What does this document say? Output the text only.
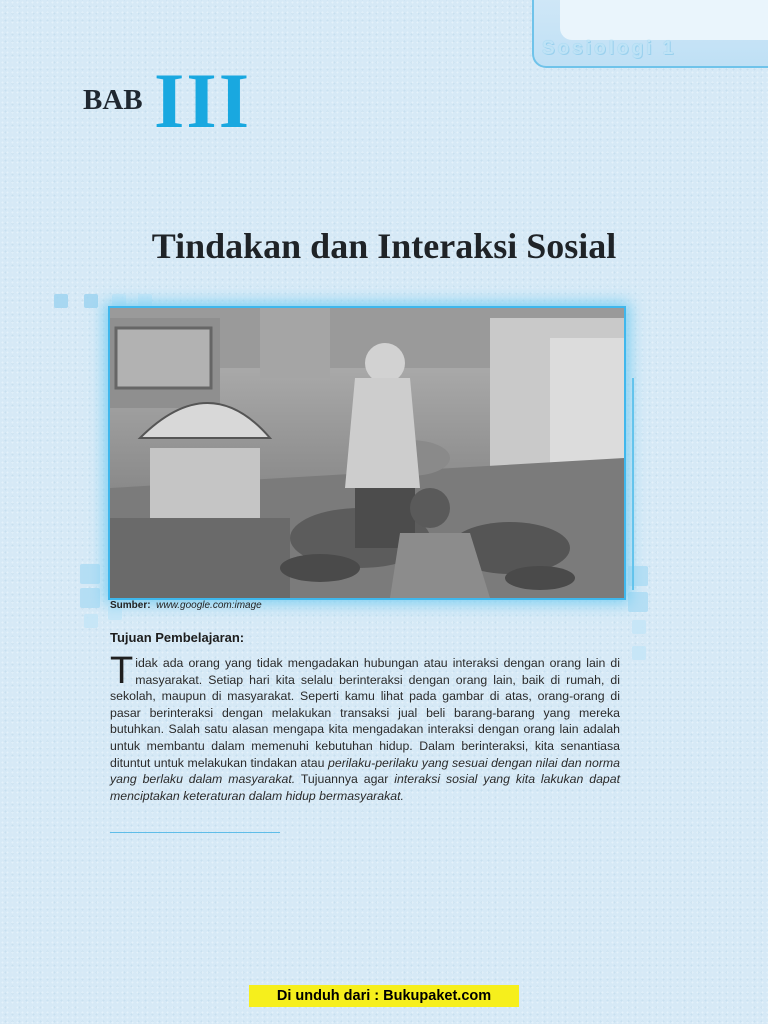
Sosiologi 1
BAB III
Tindakan dan Interaksi Sosial
Sumber: www.google.com:image
Tujuan Pembelajaran:
Tidak ada orang yang tidak mengadakan hubungan atau interaksi dengan orang lain di masyarakat. Setiap hari kita selalu berinteraksi dengan orang lain, baik di rumah, di sekolah, maupun di masyarakat. Seperti kamu lihat pada gambar di atas, orang-orang di pasar berinteraksi dengan melakukan transaksi jual beli barang-barang yang mereka butuhkan. Salah satu alasan mengapa kita mengadakan interaksi dengan orang lain adalah untuk membantu dalam memenuhi kebutuhan hidup. Dalam berinteraksi, kita senantiasa dituntut untuk melakukan tindakan atau perilaku-perilaku yang sesuai dengan nilai dan norma yang berlaku dalam masyarakat. Tujuannya agar interaksi sosial yang kita lakukan dapat menciptakan keteraturan dalam hidup bermasyarakat.
Di unduh dari : Bukupaket.com
